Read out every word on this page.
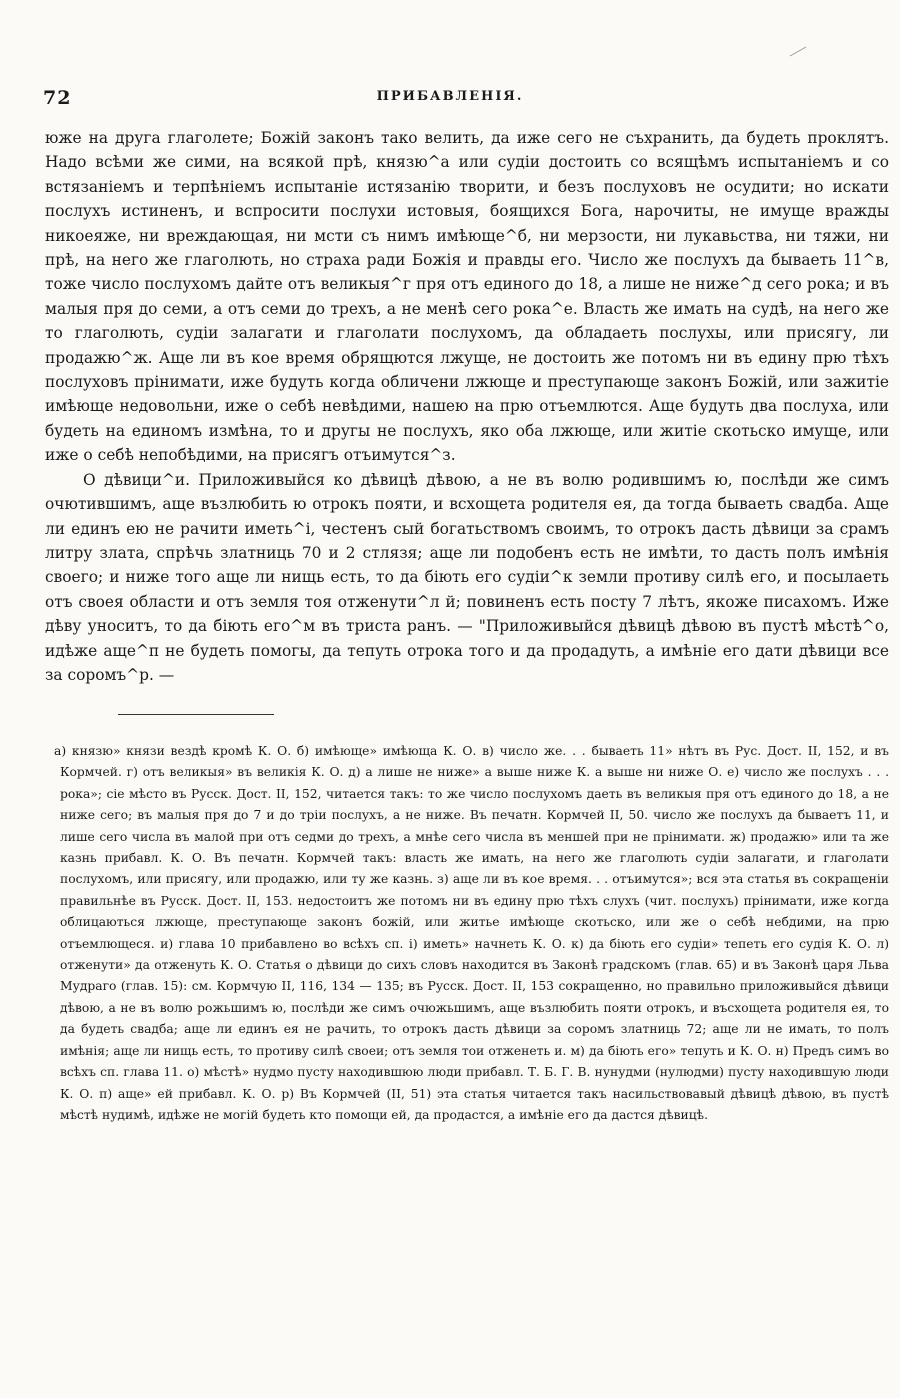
72	ПРИБАВЛЕНІЯ.

юже на друга глаголете; Божій законъ тако велить, да иже сего не съхранить, да будеть проклятъ. Надо всѣми же сими, на всякой прѣ, князю^а или судіи достоить со всящѣмъ испытаніемъ и со встязаніемъ и терпѣніемъ испытаніе истязанію творити, и безъ послуховъ не осудити; но искати послухъ истиненъ, и вспросити послухи истовыя, боящихся Бога, нарочиты, не имуще вражды никоеяже, ни вреждающая, ни мсти съ нимъ имѣюще^б, ни мерзости, ни лукавьства, ни тяжи, ни прѣ, на него же глаголють, но страха ради Божія и правды его. Число же послухъ да бываеть 11^в, тоже число послухомъ дайте отъ великыя^г пря отъ единого до 18, а лише не ниже^д сего рока; и въ малыя пря до семи, а отъ семи до трехъ, а не менѣ сего рока^е. Власть же имать на судѣ, на него же то глаголють, судіи залагати и глаголати послухомъ, да обладаеть послухы, или присягу, ли продажю^ж. Аще ли въ кое время обрящются лжуще, не достоить же потомъ ни въ едину прю тѣхъ послуховъ прінимати, иже будуть когда обличени лжюще и преступающе законъ Божій, или зажитіе имѣюще недовольни, иже о себѣ невѣдими, нашею на прю отъемлются. Аще будуть два послуха, или будеть на единомъ измѣна, то и другы не послухъ, яко оба лжюще, или житіе скотьско имуще, или иже о себѣ непобѣдими, на присягъ отъимутся^з.

О дѣвици^и. Приложивыйся ко дѣвицѣ дѣвою, а не въ волю родившимъ ю, послѣди же симъ очютившимъ, аще възлюбить ю отрокъ пояти, и всхощета родителя ея, да тогда бываеть свадба. Аще ли единъ ею не рачити иметь^і, честенъ сый богатьствомъ своимъ, то отрокъ дасть дѣвици за срамъ литру злата, спрѣчь златниць 70 и 2 стлязя; аще ли подобенъ есть не имѣти, то дасть полъ имѣнія своего; и ниже того аще ли нищь есть, то да біють его судіи^к земли противу силѣ его, и посылаеть отъ своея области и отъ земля тоя отженути^л й; повиненъ есть посту 7 лѣтъ, якоже писахомъ. Иже дѣву уноситъ, то да біють его^м въ триста ранъ. — "Приложивыйся дѣвицѣ дѣвою въ пустѣ мѣстѣ^о, идѣже аще^п не будеть помогы, да тепуть отрока того и да продадуть, а имѣніе его дати дѣвици все за соромъ^р. —

а) князю» князи вездѣ кромѣ К. О. б) имѣюще» имѣюща К. О. в) число же. . . бываеть 11» нѣтъ въ Рус. Дост. II, 152, и въ Кормчей. г) отъ великыя» въ великія К. О. д) а лише не ниже» а выше ниже К. а выше ни ниже О. е) число же послухъ . . . рока»; сіе мѣсто въ Русск. Дост. II, 152, читается такъ: то же число послухомъ даеть въ великыя пря отъ единого до 18, а не ниже сего; въ малыя пря до 7 и до тріи послухъ, а не ниже. Въ печатн. Кормчей II, 50. число же послухъ да бываетъ 11, и лише сего числа въ малой при отъ седми до трехъ, а мнѣе сего числа въ меншей при не прінимати. ж) продажю» или та же казнь прибавл. К. О. Въ печатн. Кормчей такъ: власть же имать, на него же глаголють судіи залагати, и глаголати послухомъ, или присягу, или продажю, или ту же казнь. з) аще ли въ кое время. . . отъимутся»; вся эта статья въ сокращеніи правильнѣе въ Русск. Дост. II, 153. недостоитъ же потомъ ни въ едину прю тѣхъ слухъ (чит. послухъ) прінимати, иже когда облицаються лжюще, преступающе законъ божій, или житье имѣюще скотьско, или же о себѣ небдими, на прю отъемлющеся. и) глава 10 прибавлено во всѣхъ сп. і) иметь» начнеть К. О. к) да біють его судіи» тепеть его судія К. О. л) отженути» да отженуть К. О. Статья о дѣвици до сихъ словъ находится въ Законѣ градскомъ (глав. 65) и въ Законѣ царя Льва Мудраго (глав. 15): см. Кормчую II, 116, 134 — 135; въ Русск. Дост. II, 153 сокращенно, но правильно приложивыйся дѣвици дѣвою, а не въ волю рожьшимъ ю, послѣди же симъ очюжьшимъ, аще възлюбить пояти отрокъ, и въсхощета родителя ея, то да будеть свадба; аще ли единъ ея не рачить, то отрокъ дасть дѣвици за соромъ златниць 72; аще ли не имать, то полъ имѣнія; аще ли нищь есть, то противу силѣ своеи; отъ земля тои отженеть и. м) да біють его» тепуть и К. О. н) Предъ симъ во всѣхъ сп. глава 11. о) мѣстѣ» нудмо пусту находившюю люди прибавл. Т. Б. Г. В. нунудми (нулюдми) пусту находившую люди К. О. п) аще» ей прибавл. К. О. р) Въ Кормчей (II, 51) эта статья читается такъ насильствовавый дѣвицѣ дѣвою, въ пустѣ мѣстѣ нудимѣ, идѣже не могій будеть кто помощи ей, да продастся, а имѣніе его да дастся дѣвицѣ.
